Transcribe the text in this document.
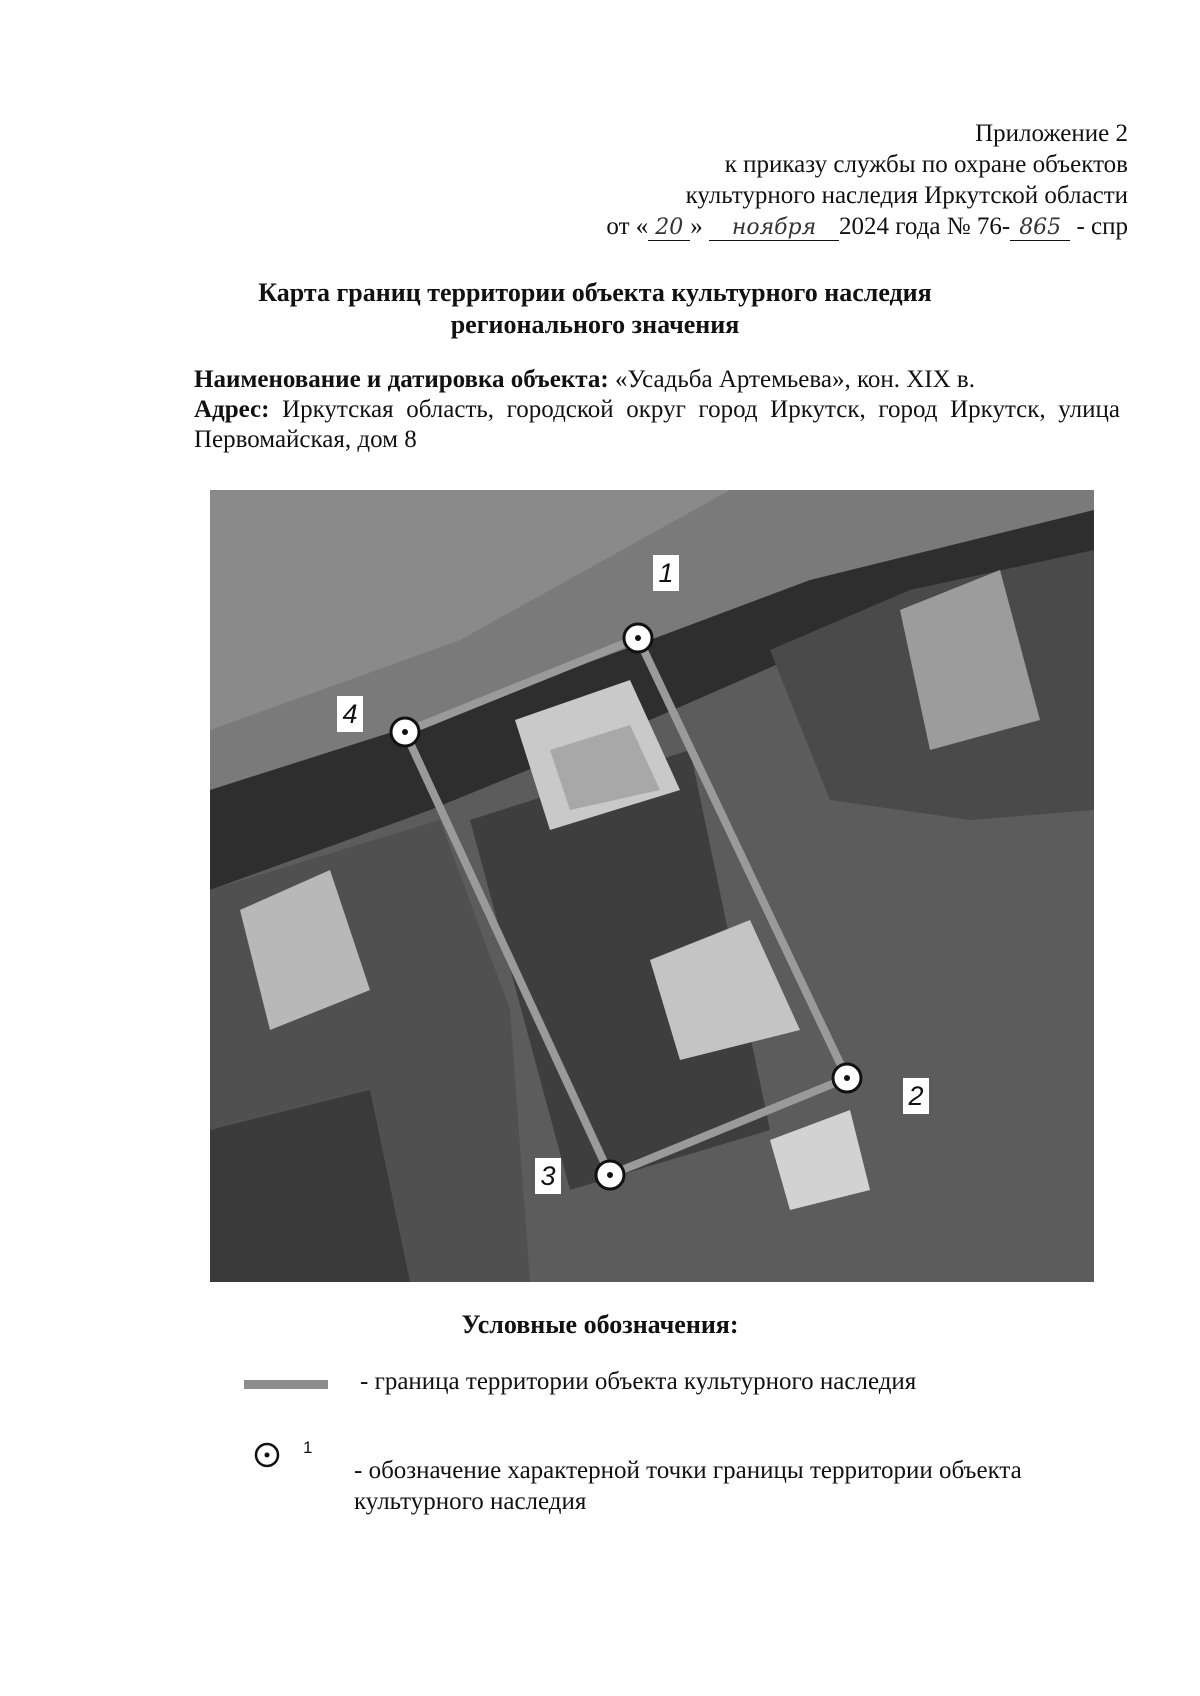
Приложение 2
к приказу службы по охране объектов
культурного наследия Иркутской области
от « 20 » ноября 2024 года № 76- 865 - спр
Карта границ территории объекта культурного наследия
регионального значения
Наименование и датировка объекта: «Усадьба Артемьева», кон. XIX в.
Адрес: Иркутская область, городской округ город Иркутск, город Иркутск, улица Первомайская, дом 8
1
2
3
4
Условные обозначения:
- граница территории объекта культурного наследия
1
- обозначение характерной точки границы территории объекта культурного наследия
